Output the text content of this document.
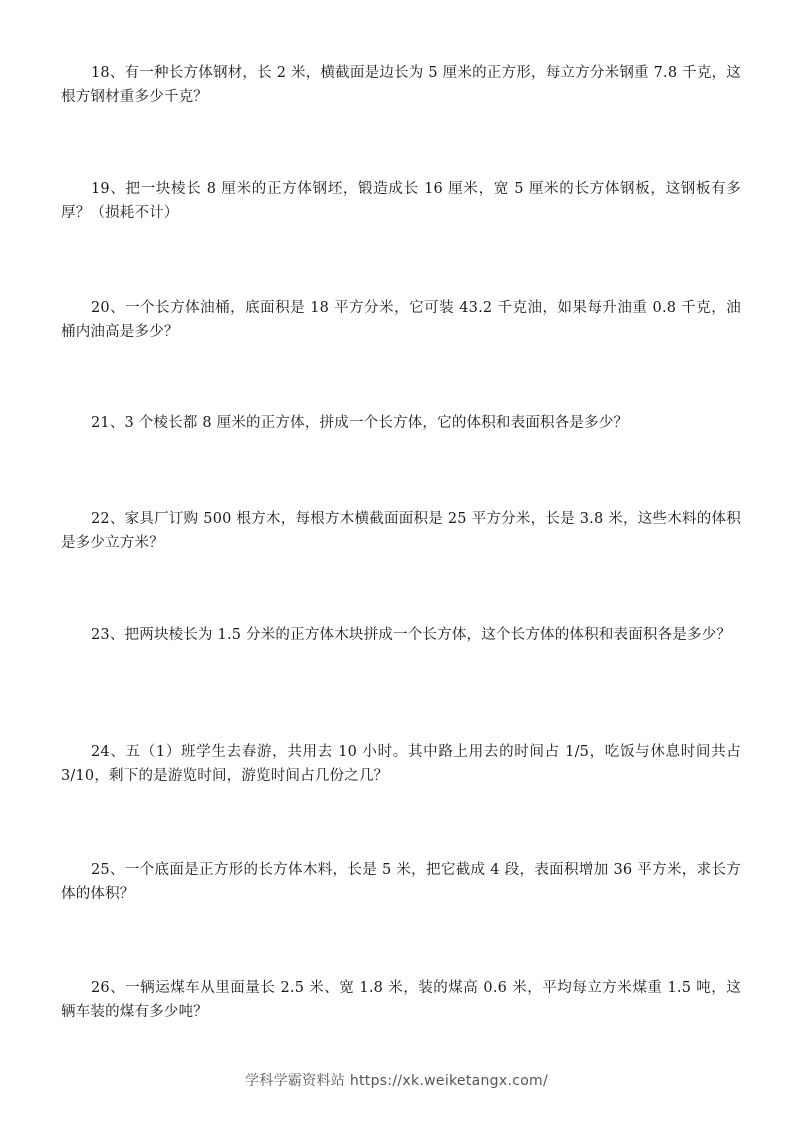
18、有一种长方体钢材，长 2 米，横截面是边长为 5 厘米的正方形，每立方分米钢重 7.8 千克，这根方钢材重多少千克？

19、把一块棱长 8 厘米的正方体钢坯，锻造成长 16 厘米，宽 5 厘米的长方体钢板，这钢板有多厚？（损耗不计）

20、一个长方体油桶，底面积是 18 平方分米，它可装 43.2 千克油，如果每升油重 0.8 千克，油桶内油高是多少？

21、3 个棱长都 8 厘米的正方体，拼成一个长方体，它的体积和表面积各是多少？

22、家具厂订购 500 根方木，每根方木横截面面积是 25 平方分米，长是 3.8 米，这些木料的体积是多少立方米？

23、把两块棱长为 1.5 分米的正方体木块拼成一个长方体，这个长方体的体积和表面积各是多少？

24、五（1）班学生去春游，共用去 10 小时。其中路上用去的时间占 1/5，吃饭与休息时间共占 3/10，剩下的是游览时间，游览时间占几份之几？

25、一个底面是正方形的长方体木料，长是 5 米，把它截成 4 段，表面积增加 36 平方米，求长方体的体积？

26、一辆运煤车从里面量长 2.5 米、宽 1.8 米，装的煤高 0.6 米，平均每立方米煤重 1.5 吨，这辆车装的煤有多少吨？

学科学霸资料站 https://xk.weiketangx.com/
